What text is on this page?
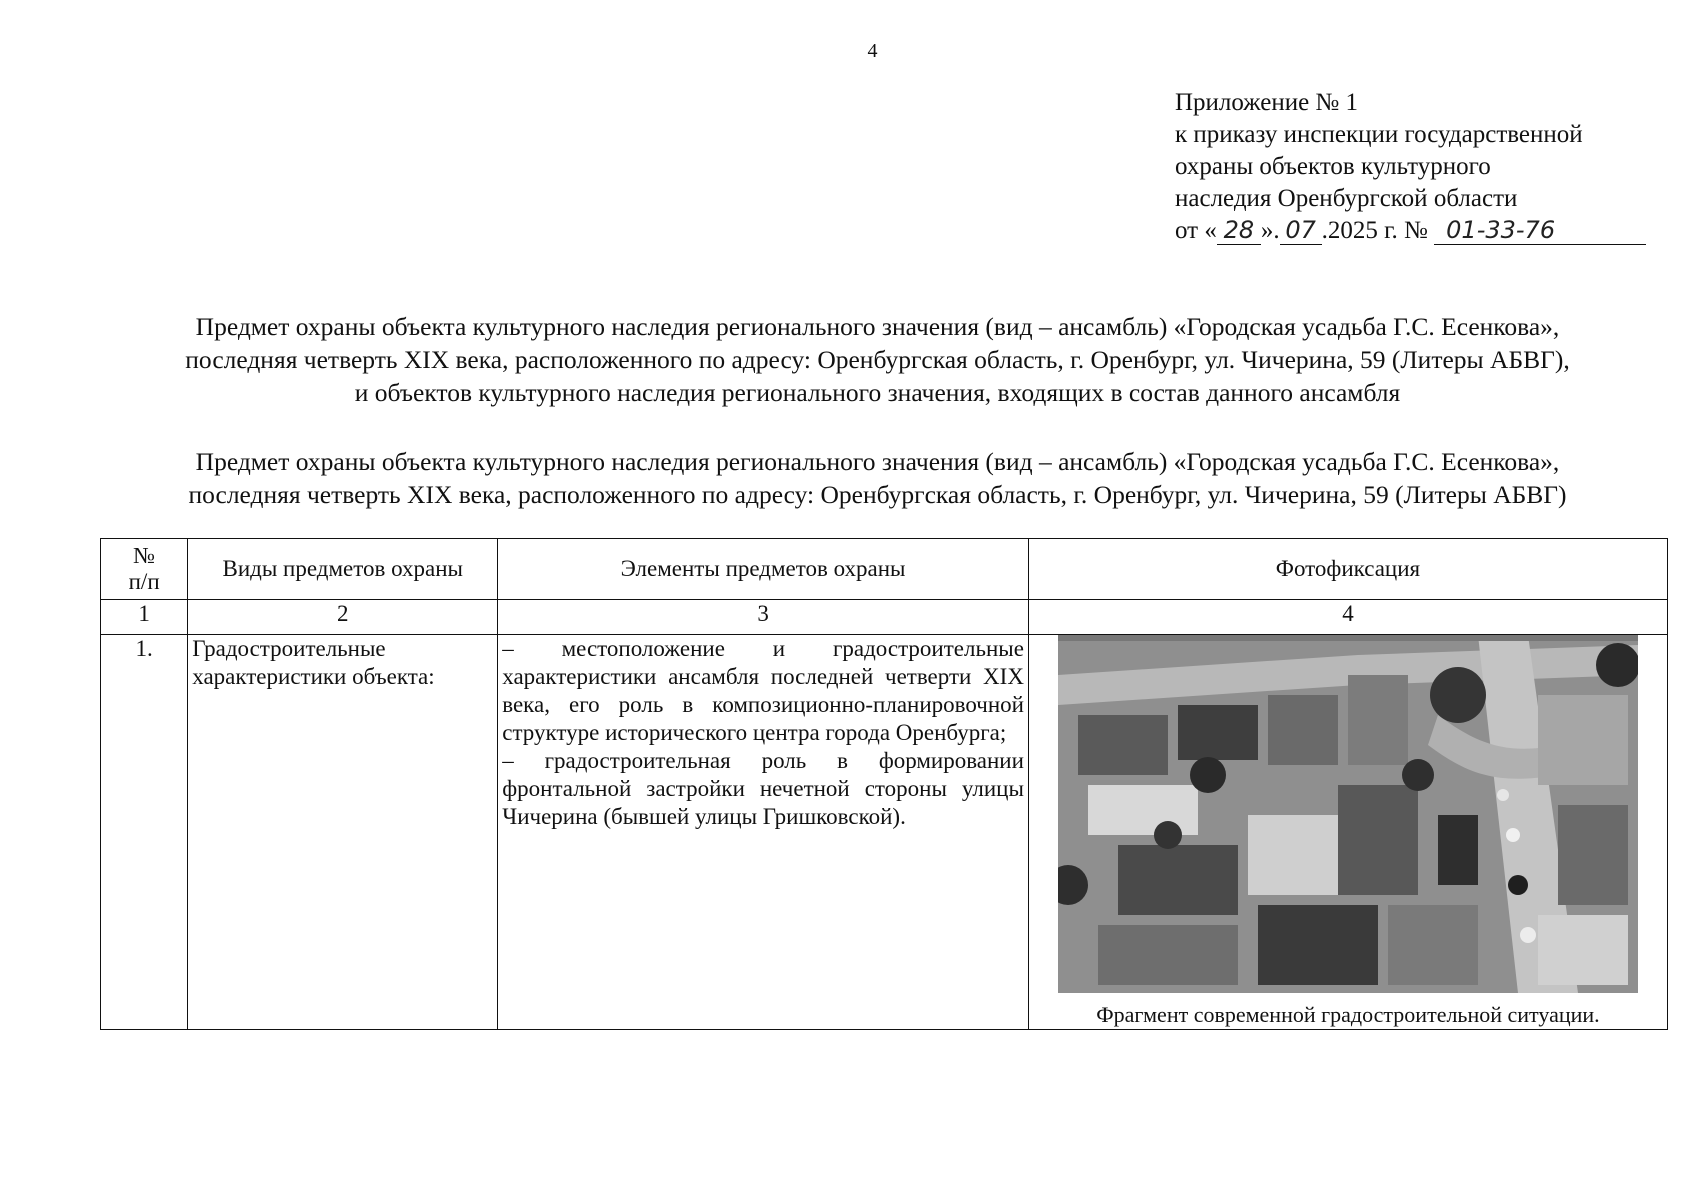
4
Приложение № 1
к приказу инспекции государственной
охраны объектов культурного
наследия Оренбургской области
от « 28 ». 07 .2025 г. № 01-33-76
Предмет охраны объекта культурного наследия регионального значения (вид – ансамбль) «Городская усадьба Г.С. Есенкова»,
последняя четверть XIX века, расположенного по адресу: Оренбургская область, г. Оренбург, ул. Чичерина, 59 (Литеры АБВГ),
и объектов культурного наследия регионального значения, входящих в состав данного ансамбля
Предмет охраны объекта культурного наследия регионального значения (вид – ансамбль) «Городская усадьба Г.С. Есенкова»,
последняя четверть XIX века, расположенного по адресу: Оренбургская область, г. Оренбург, ул. Чичерина, 59 (Литеры АБВГ)
№
п/п	Виды предметов охраны	Элементы предметов охраны	Фотофиксация
1	2	3	4
1.	Градостроительные характеристики объекта:	– местоположение и градостроительные характеристики ансамбля последней четверти XIX века, его роль в композиционно-планировочной структуре исторического центра города Оренбурга;

– градостроительная роль в формировании фронтальной застройки нечетной стороны улицы Чичерина (бывшей улицы Гришковской).	Фрагмент современной градостроительной ситуации.
